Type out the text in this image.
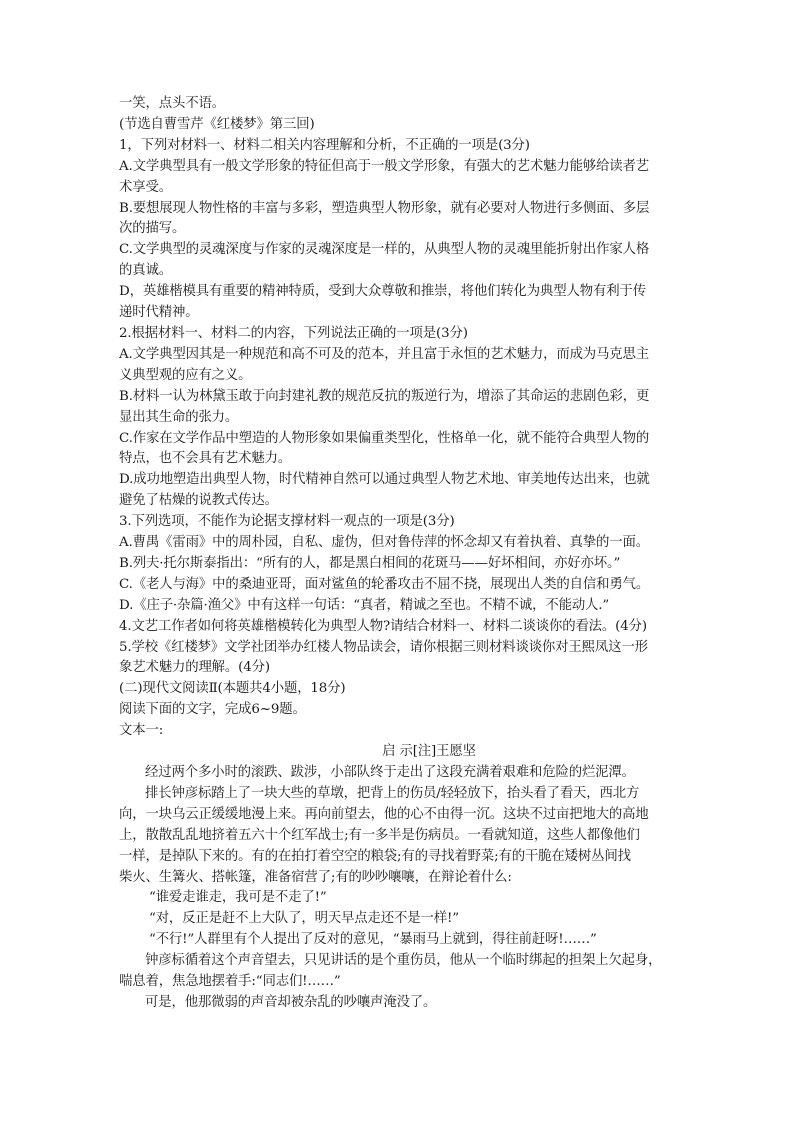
一笑，点头不语。
(节选自曹雪芹《红楼梦》第三回)
1，下列对材料一、材料二相关内容理解和分析，不正确的一项是(3分)
A.文学典型具有一般文学形象的特征但高于一般文学形象，有强大的艺术魅力能够给读者艺
术享受。
B.要想展现人物性格的丰富与多彩，塑造典型人物形象，就有必要对人物进行多侧面、多层
次的描写。
C.文学典型的灵魂深度与作家的灵魂深度是一样的，从典型人物的灵魂里能折射出作家人格
的真诚。
D，英雄楷模具有重要的精神特质，受到大众尊敬和推崇，将他们转化为典型人物有利于传
递时代精神。
2.根据材料一、材料二的内容，下列说法正确的一项是(3分)
A.文学典型因其是一种规范和高不可及的范本，并且富于永恒的艺术魅力，而成为马克思主
义典型观的应有之义。
B.材料一认为林黛玉敢于向封建礼教的规范反抗的叛逆行为，增添了其命运的悲剧色彩，更
显出其生命的张力。
C.作家在文学作品中塑造的人物形象如果偏重类型化，性格单一化，就不能符合典型人物的
特点，也不会具有艺术魅力。
D.成功地塑造出典型人物，时代精神自然可以通过典型人物艺术地、审美地传达出来，也就
避免了枯燥的说教式传达。
3.下列选项，不能作为论据支撑材料一观点的一项是(3分)
A.曹禺《雷雨》中的周朴园，自私、虚伪，但对鲁侍萍的怀念却又有着执着、真挚的一面。
B.列夫·托尔斯泰指出：“所有的人，都是黑白相间的花斑马——好坏相间，亦好亦坏。”
C.《老人与海》中的桑迪亚哥，面对鲨鱼的轮番攻击不屈不挠，展现出人类的自信和勇气。
D.《庄子·杂篇·渔父》中有这样一句话：“真者，精诚之至也。不精不诚，不能动人.”
4.文艺工作者如何将英雄楷模转化为典型人物?请结合材料一、材料二谈谈你的看法。(4分)
5.学校《红楼梦》文学社团举办红楼人物品读会，请你根据三则材料谈谈你对王熙凤这一形
象艺术魅力的理解。(4分)
(二)现代文阅读Ⅱ(本题共4小题，18分)
阅读下面的文字，完成6~9题。
文本一:
启 示[注]王愿坚
经过两个多小时的滚跌、跋涉，小部队终于走出了这段充满着艰难和危险的烂泥潭。
排长钟彦标踏上了一块大些的草墩，把背上的伤员/轻轻放下，抬头看了看天，西北方
向，一块乌云正缓缓地漫上来。再向前望去，他的心不由得一沉。这块不过亩把地大的高地
上，散散乱乱地挤着五六十个红军战士;有一多半是伤病员。一看就知道，这些人都像他们
一样，是掉队下来的。有的在拍打着空空的粮袋;有的寻找着野菜;有的干脆在矮树丛间找
柴火、生篝火、搭帐篷，准备宿营了;有的吵吵嚷嚷，在辩论着什么:
“谁爱走谁走，我可是不走了!”
“对，反正是赶不上大队了，明天早点走还不是一样!”
“不行!”人群里有个人提出了反对的意见，“暴雨马上就到，得往前赶呀!……”
钟彦标循着这个声音望去，只见讲话的是个重伤员，他从一个临时绑起的担架上欠起身，
喘息着，焦急地摆着手:“同志们!……”
可是，他那微弱的声音却被杂乱的吵嚷声淹没了。
